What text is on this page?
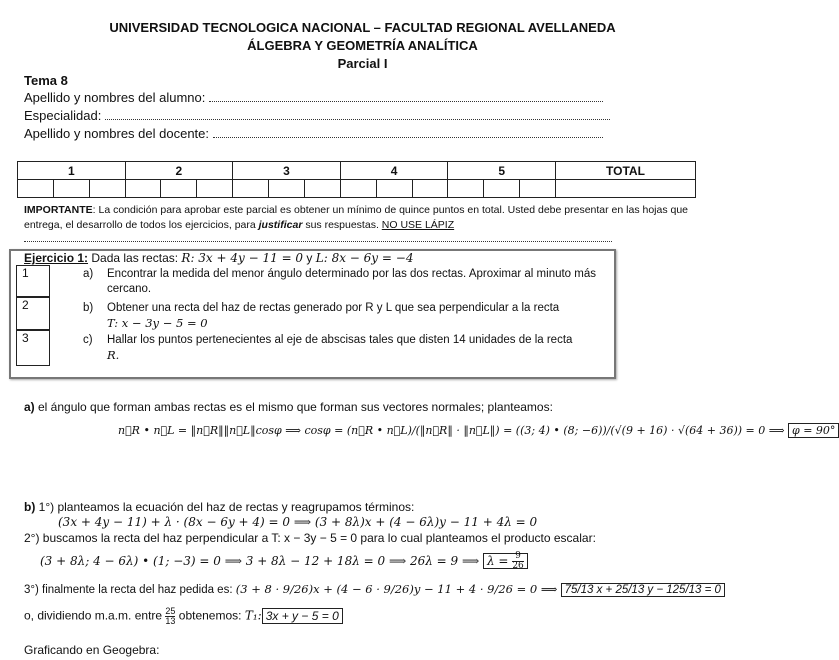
UNIVERSIDAD TECNOLOGICA NACIONAL – FACULTAD REGIONAL AVELLANEDA
ÁLGEBRA Y GEOMETRÍA ANALÍTICA
Parcial I
Tema 8
Apellido y nombres del alumno:
Especialidad:
Apellido y nombres del docente:
1			2			3			4			5			TOTAL

IMPORTANTE: La condición para aprobar este parcial es obtener un mínimo de quince puntos en total. Usted debe presentar en las hojas que entrega, el desarrollo de todos los ejercicios, para justificar sus respuestas. NO USE LÁPIZ
Ejercicio 1: Dada las rectas: R: 3x + 4y − 11 = 0 y L: 8x − 6y = −4
1
2
3
a) Encontrar la medida del menor ángulo determinado por las dos rectas. Aproximar al minuto más cercano.
b) Obtener una recta del haz de rectas generado por R y L que sea perpendicular a la recta
T: x − 3y − 5 = 0
c) Hallar los puntos pertenecientes al eje de abscisas tales que disten 14 unidades de la recta
R.
a) el ángulo que forman ambas rectas es el mismo que forman sus vectores normales; planteamos:
n⃗R • n⃗L = ‖n⃗R‖‖n⃗L‖cosφ ⟹ cosφ = (n⃗R • n⃗L)/(‖n⃗R‖ · ‖n⃗L‖) = ((3; 4) • (8; −6))/(√(9 + 16) · √(64 + 36)) = 0 ⟹ φ = 90°
b) 1°) planteamos la ecuación del haz de rectas y reagrupamos términos:
(3x + 4y − 11) + λ · (8x − 6y + 4) = 0 ⟹ (3 + 8λ)x + (4 − 6λ)y − 11 + 4λ = 0
2°) buscamos la recta del haz perpendicular a T: x − 3y − 5 = 0 para lo cual planteamos el producto escalar:
(3 + 8λ; 4 − 6λ) • (1; −3) = 0 ⟹ 3 + 8λ − 12 + 18λ = 0 ⟹ 26λ = 9 ⟹ $\lambda = \frac{9}{26}$
3°) finalmente la recta del haz pedida es: (3 + 8 · 9/26)x + (4 − 6 · 9/26)y − 11 + 4 · 9/26 = 0 ⟹ 75/13 x + 25/13 y − 125/13 = 0
o, dividiendo m.a.m. entre $\frac{25}{13}$ obtenemos: T₁: 3x + y − 5 = 0
Graficando en Geogebra:
